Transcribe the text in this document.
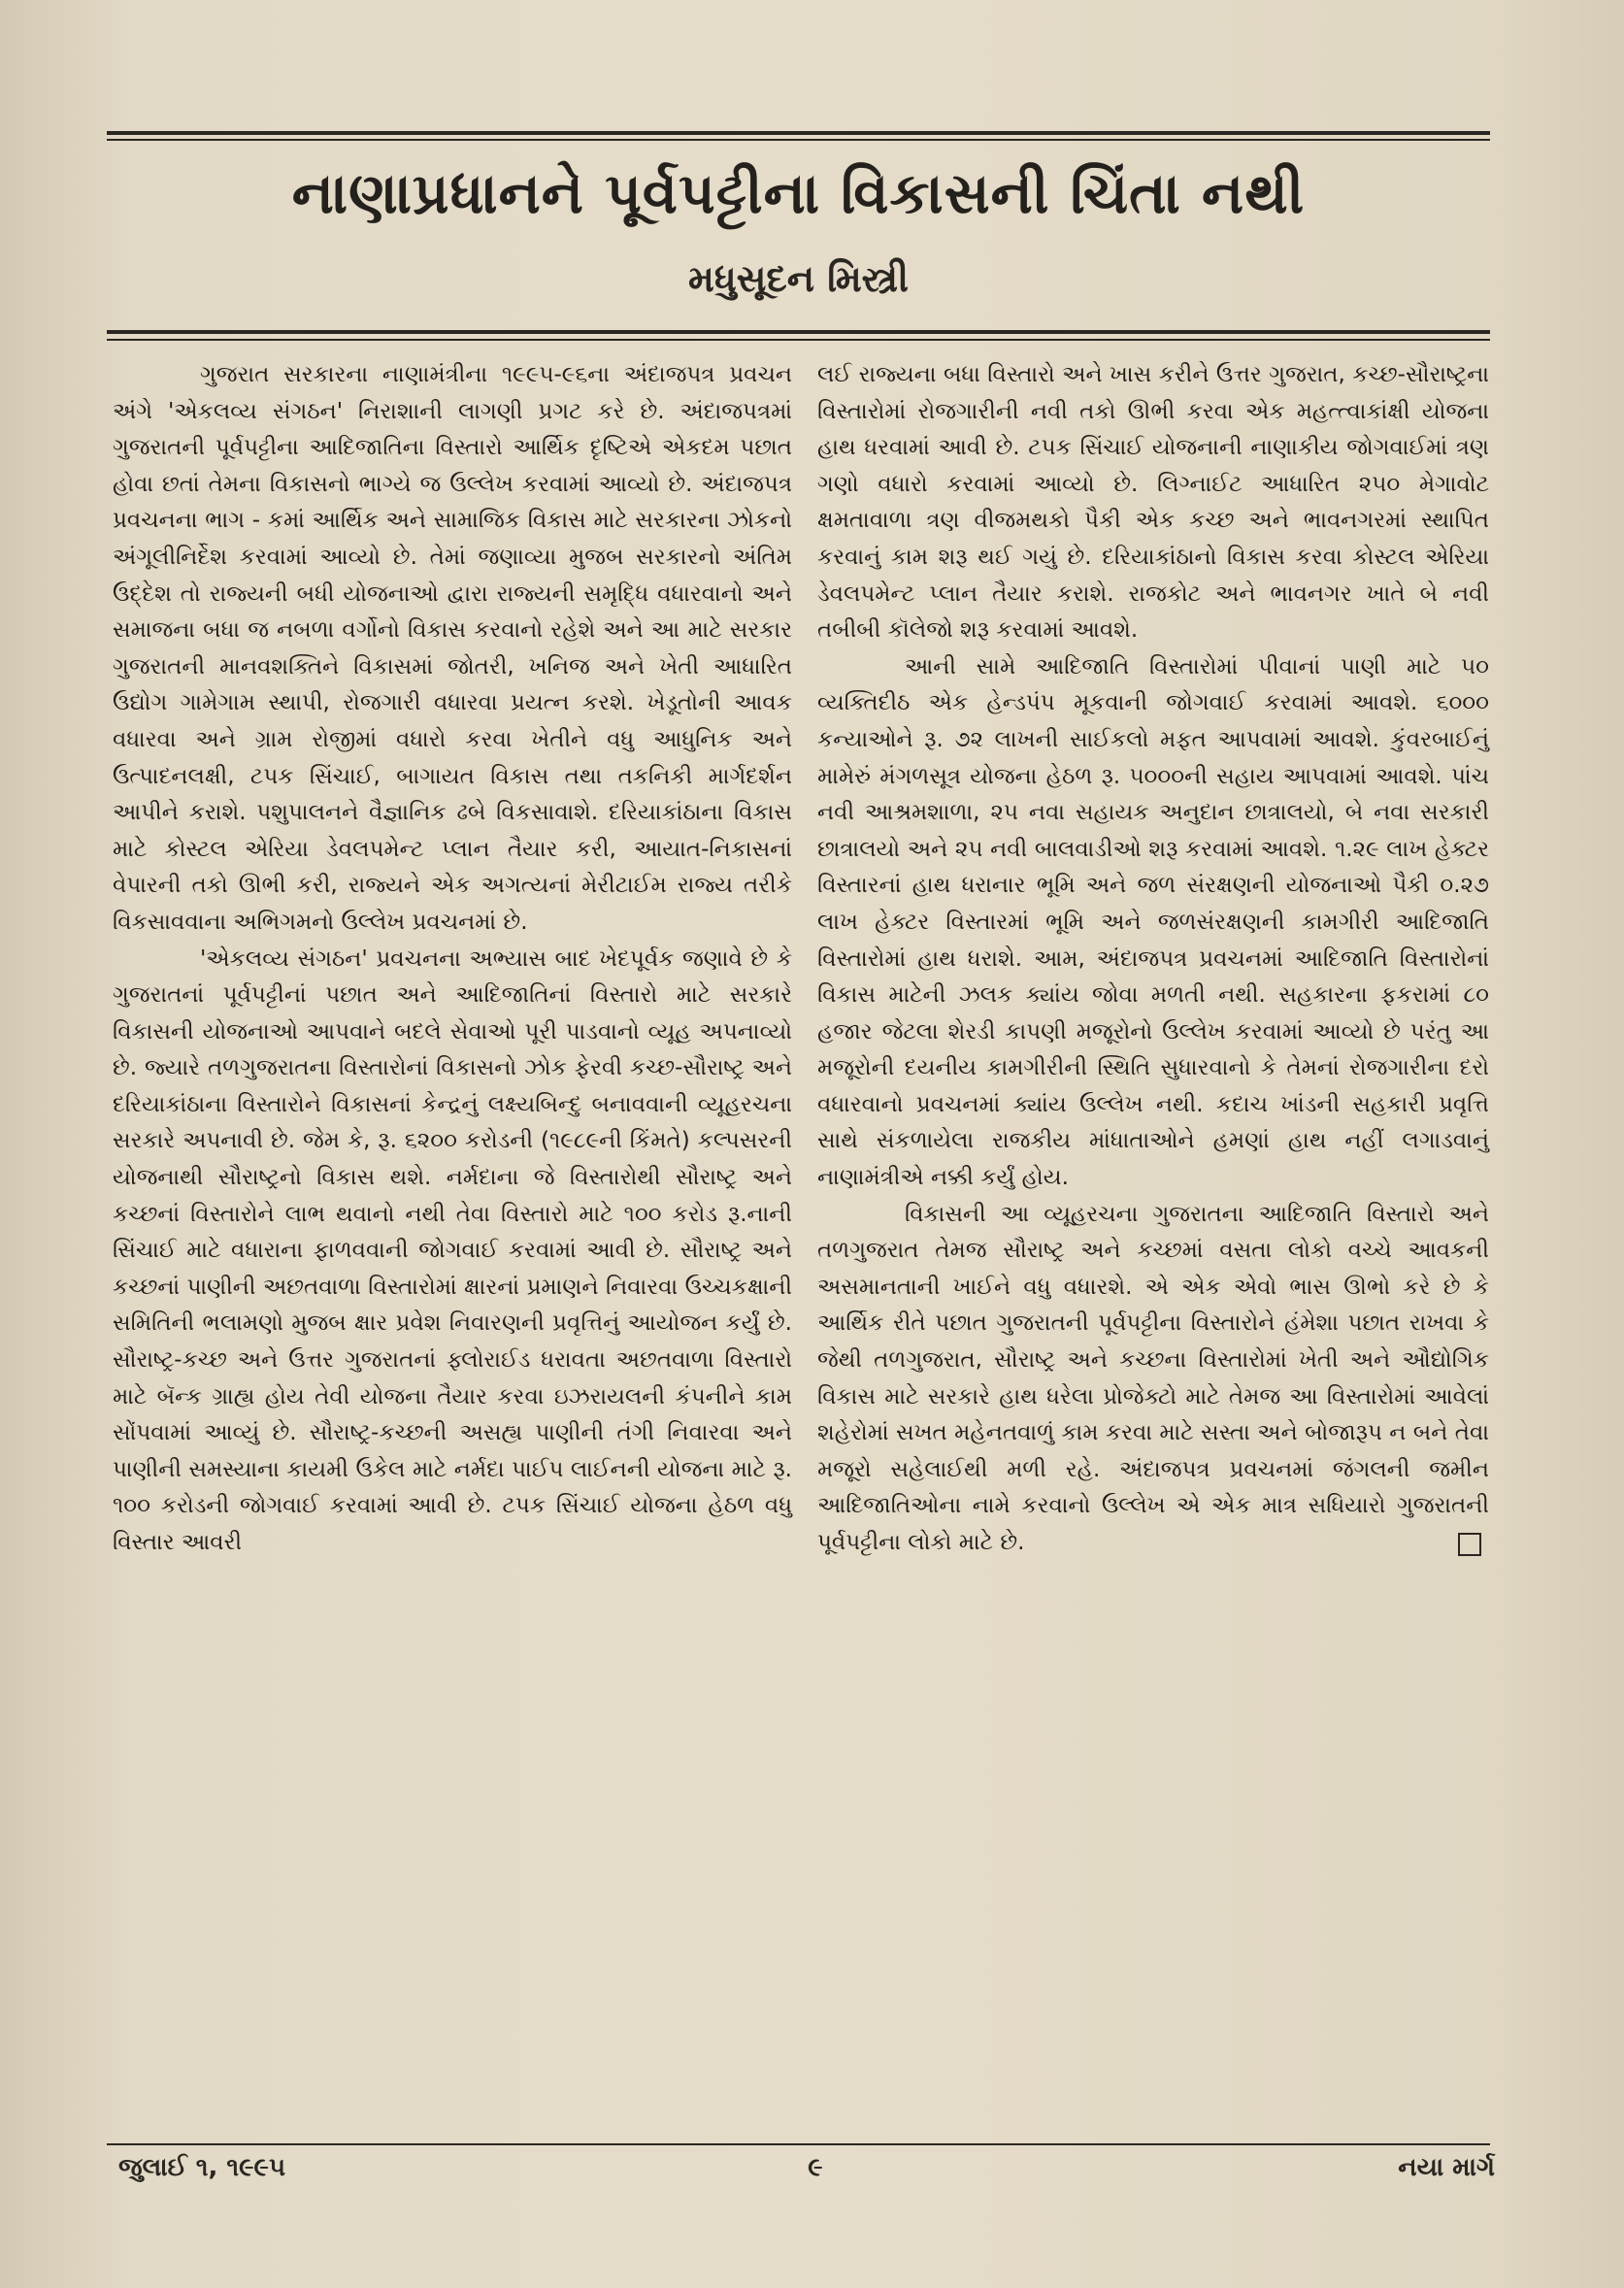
નાણાપ્રધાનને પૂર્વપટ્ટીના વિકાસની ચિંતા નથી
મધુસૂદન મિસ્ત્રી

ગુજરાત સરકારના નાણામંત્રીના ૧૯૯૫-૯૬ના અંદાજપત્ર પ્રવચન અંગે 'એકલવ્ય સંગઠન' નિરાશાની લાગણી પ્રગટ કરે છે. અંદાજપત્રમાં ગુજરાતની પૂર્વપટ્ટીના આદિજાતિના વિસ્તારો આર્થિક દૃષ્ટિએ એકદમ પછાત હોવા છતાં તેમના વિકાસનો ભાગ્યે જ ઉલ્લેખ કરવામાં આવ્યો છે. અંદાજપત્ર પ્રવચનના ભાગ - કમાં આર્થિક અને સામાજિક વિકાસ માટે સરકારના ઝોકનો અંગૂલીનિર્દેશ કરવામાં આવ્યો છે. તેમાં જણાવ્યા મુજબ સરકારનો અંતિમ ઉદ્દેશ તો રાજ્યની બધી યોજનાઓ દ્વારા રાજ્યની સમૃદ્ધિ વધારવાનો અને સમાજના બધા જ નબળા વર્ગોનો વિકાસ કરવાનો રહેશે અને આ માટે સરકાર ગુજરાતની માનવશક્તિને વિકાસમાં જોતરી, ખનિજ અને ખેતી આધારિત ઉદ્યોગ ગામેગામ સ્થાપી, રોજગારી વધારવા પ્રયત્ન કરશે. ખેડૂતોની આવક વધારવા અને ગ્રામ રોજીમાં વધારો કરવા ખેતીને વધુ આધુનિક અને ઉત્પાદનલક્ષી, ટપક સિંચાઈ, બાગાયત વિકાસ તથા તકનિકી માર્ગદર્શન આપીને કરાશે. પશુપાલનને વૈજ્ઞાનિક ઢબે વિકસાવાશે. દરિયાકાંઠાના વિકાસ માટે કોસ્ટલ એરિયા ડેવલપમેન્ટ પ્લાન તૈયાર કરી, આયાત-નિકાસનાં વેપારની તકો ઊભી કરી, રાજ્યને એક અગત્યનાં મેરીટાઈમ રાજ્ય તરીકે વિકસાવવાના અભિગમનો ઉલ્લેખ પ્રવચનમાં છે.

'એકલવ્ય સંગઠન' પ્રવચનના અભ્યાસ બાદ ખેદપૂર્વક જણાવે છે કે ગુજરાતનાં પૂર્વપટ્ટીનાં પછાત અને આદિજાતિનાં વિસ્તારો માટે સરકારે વિકાસની યોજનાઓ આપવાને બદલે સેવાઓ પૂરી પાડવાનો વ્યૂહ અપનાવ્યો છે. જ્યારે તળગુજરાતના વિસ્તારોનાં વિકાસનો ઝોક ફેરવી કચ્છ-સૌરાષ્ટ્ર અને દરિયાકાંઠાના વિસ્તારોને વિકાસનાં કેન્દ્રનું લક્ષ્યબિન્દુ બનાવવાની વ્યૂહરચના સરકારે અપનાવી છે. જેમ કે, રૂ. ૬૨૦૦ કરોડની (૧૯૮૯ની કિંમતે) કલ્પસરની યોજનાથી સૌરાષ્ટ્રનો વિકાસ થશે. નર્મદાના જે વિસ્તારોથી સૌરાષ્ટ્ર અને કચ્છનાં વિસ્તારોને લાભ થવાનો નથી તેવા વિસ્તારો માટે ૧૦૦ કરોડ રૂ.નાની સિંચાઈ માટે વધારાના ફાળવવાની જોગવાઈ કરવામાં આવી છે. સૌરાષ્ટ્ર અને કચ્છનાં પાણીની અછતવાળા વિસ્તારોમાં ક્ષારનાં પ્રમાણને નિવારવા ઉચ્ચકક્ષાની સમિતિની ભલામણો મુજબ ક્ષાર પ્રવેશ નિવારણની પ્રવૃત્તિનું આયોજન કર્યું છે. સૌરાષ્ટ્ર-કચ્છ અને ઉત્તર ગુજરાતનાં ફ્લોરાઈડ ધરાવતા અછતવાળા વિસ્તારો માટે બૅન્ક ગ્રાહ્ય હોય તેવી યોજના તૈયાર કરવા ઇઝરાયલની કંપનીને કામ સોંપવામાં આવ્યું છે. સૌરાષ્ટ્ર-કચ્છની અસહ્ય પાણીની તંગી નિવારવા અને પાણીની સમસ્યાના કાયમી ઉકેલ માટે નર્મદા પાઈપ લાઈનની યોજના માટે રૂ. ૧૦૦ કરોડની જોગવાઈ કરવામાં આવી છે. ટપક સિંચાઈ યોજના હેઠળ વધુ વિસ્તાર આવરી

લઈ રાજ્યના બધા વિસ્તારો અને ખાસ કરીને ઉત્તર ગુજરાત, કચ્છ-સૌરાષ્ટ્રના વિસ્તારોમાં રોજગારીની નવી તકો ઊભી કરવા એક મહત્ત્વાકાંક્ષી યોજના હાથ ધરવામાં આવી છે. ટપક સિંચાઈ યોજનાની નાણાકીય જોગવાઈમાં ત્રણ ગણો વધારો કરવામાં આવ્યો છે. લિગ્નાઈટ આધારિત ૨૫૦ મેગાવોટ ક્ષમતાવાળા ત્રણ વીજમથકો પૈકી એક કચ્છ અને ભાવનગરમાં સ્થાપિત કરવાનું કામ શરૂ થઈ ગયું છે. દરિયાકાંઠાનો વિકાસ કરવા કોસ્ટલ એરિયા ડેવલપમેન્ટ પ્લાન તૈયાર કરાશે. રાજકોટ અને ભાવનગર ખાતે બે નવી તબીબી કૉલેજો શરૂ કરવામાં આવશે.

આની સામે આદિજાતિ વિસ્તારોમાં પીવાનાં પાણી માટે ૫૦ વ્યક્તિદીઠ એક હેન્ડપંપ મૂકવાની જોગવાઈ કરવામાં આવશે. ૬૦૦૦ કન્યાઓને રૂ. ૭૨ લાખની સાઈકલો મફત આપવામાં આવશે. કુંવરબાઈનું મામેરું મંગળસૂત્ર યોજના હેઠળ રૂ. ૫૦૦૦ની સહાય આપવામાં આવશે. પાંચ નવી આશ્રમશાળા, ૨૫ નવા સહાયક અનુદાન છાત્રાલયો, બે નવા સરકારી છાત્રાલયો અને ૨૫ નવી બાલવાડીઓ શરૂ કરવામાં આવશે. ૧.૨૯ લાખ હેક્ટર વિસ્તારનાં હાથ ધરાનાર ભૂમિ અને જળ સંરક્ષણની યોજનાઓ પૈકી ૦.૨૭ લાખ હેક્ટર વિસ્તારમાં ભૂમિ અને જળસંરક્ષણની કામગીરી આદિજાતિ વિસ્તારોમાં હાથ ધરાશે. આમ, અંદાજપત્ર પ્રવચનમાં આદિજાતિ વિસ્તારોનાં વિકાસ માટેની ઝલક ક્યાંય જોવા મળતી નથી. સહકારના ફકરામાં ૮૦ હજાર જેટલા શેરડી કાપણી મજૂરોનો ઉલ્લેખ કરવામાં આવ્યો છે પરંતુ આ મજૂરોની દયનીય કામગીરીની સ્થિતિ સુધારવાનો કે તેમનાં રોજગારીના દરો વધારવાનો પ્રવચનમાં ક્યાંય ઉલ્લેખ નથી. કદાચ ખાંડની સહકારી પ્રવૃત્તિ સાથે સંકળાયેલા રાજકીય માંધાતાઓને હમણાં હાથ નહીં લગાડવાનું નાણામંત્રીએ નક્કી કર્યું હોય.

વિકાસની આ વ્યૂહરચના ગુજરાતના આદિજાતિ વિસ્તારો અને તળગુજરાત તેમજ સૌરાષ્ટ્ર અને કચ્છમાં વસતા લોકો વચ્ચે આવકની અસમાનતાની ખાઈને વધુ વધારશે. એ એક એવો ભાસ ઊભો કરે છે કે આર્થિક રીતે પછાત ગુજરાતની પૂર્વપટ્ટીના વિસ્તારોને હંમેશા પછાત રાખવા કે જેથી તળગુજરાત, સૌરાષ્ટ્ર અને કચ્છના વિસ્તારોમાં ખેતી અને ઔદ્યોગિક વિકાસ માટે સરકારે હાથ ધરેલા પ્રોજેક્ટો માટે તેમજ આ વિસ્તારોમાં આવેલાં શહેરોમાં સખત મહેનતવાળું કામ કરવા માટે સસ્તા અને બોજારૂપ ન બને તેવા મજૂરો સહેલાઈથી મળી રહે. અંદાજપત્ર પ્રવચનમાં જંગલની જમીન આદિજાતિઓના નામે કરવાનો ઉલ્લેખ એ એક માત્ર સધિયારો ગુજરાતની પૂર્વપટ્ટીના લોકો માટે છે.

જુલાઈ ૧, ૧૯૯૫	૯	નયા માર્ગ
